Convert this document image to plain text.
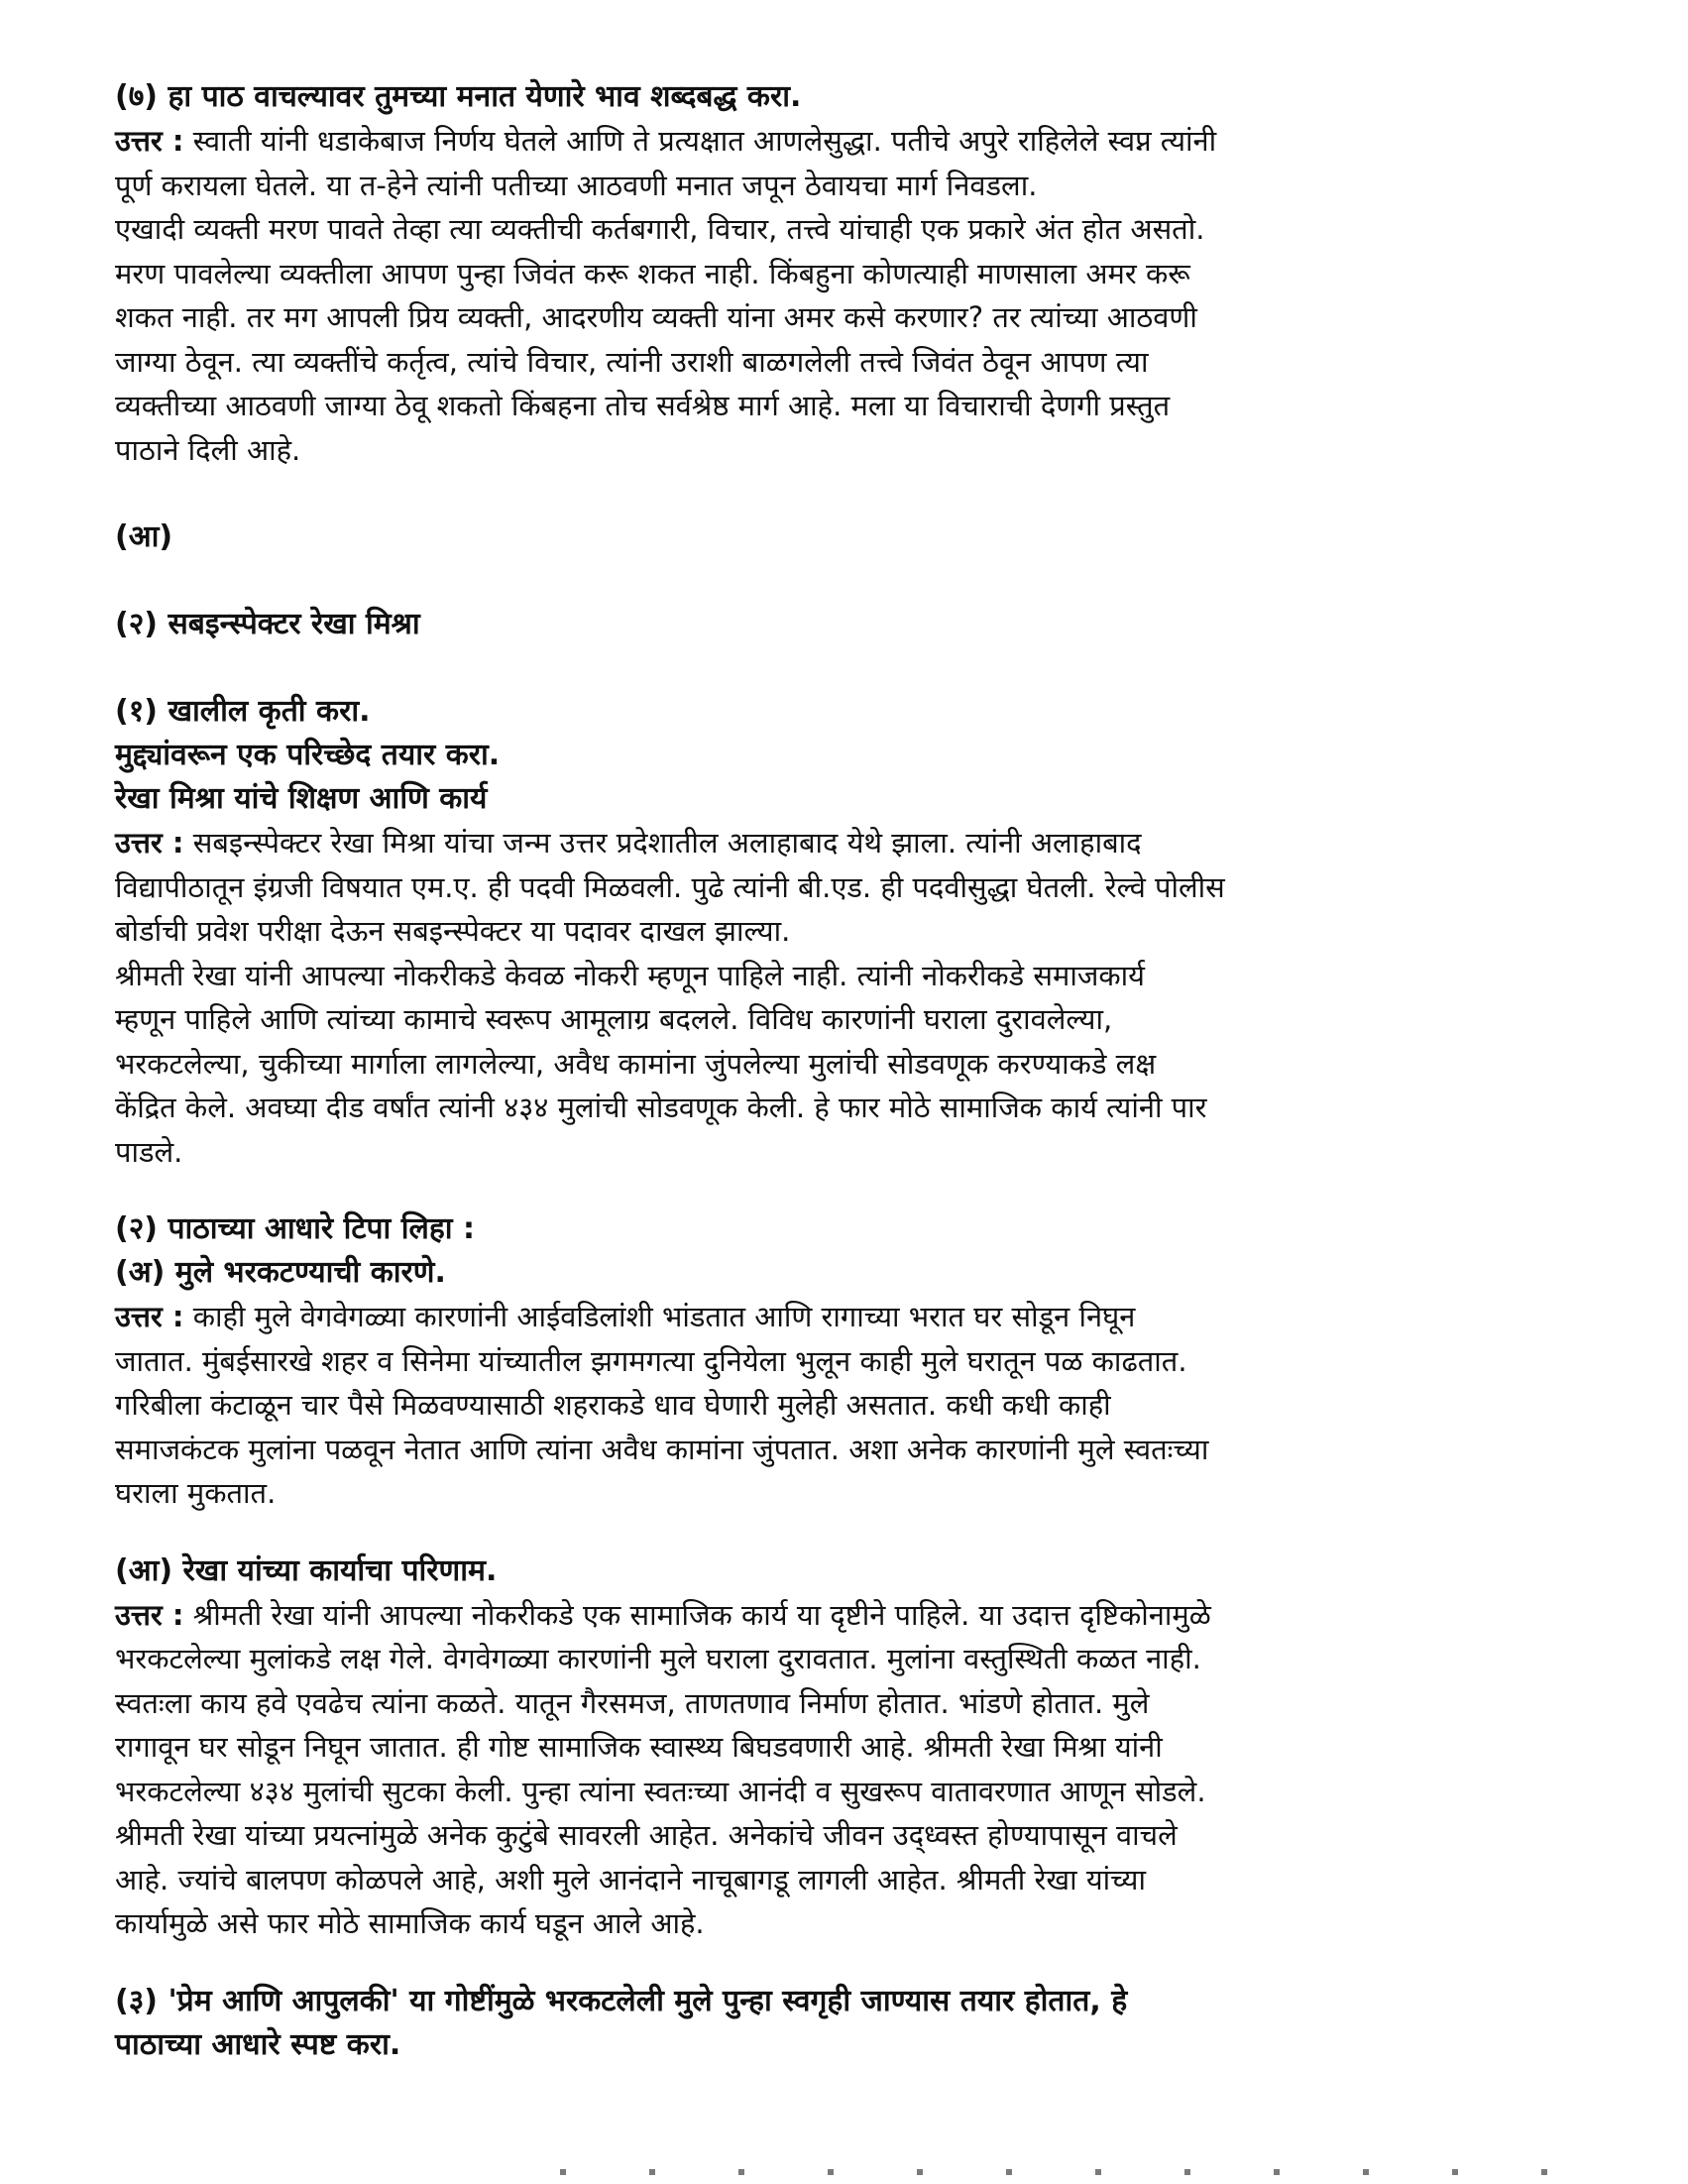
(७) हा पाठ वाचल्यावर तुमच्या मनात येणारे भाव शब्दबद्ध करा.

उत्तर : स्वाती यांनी धडाकेबाज निर्णय घेतले आणि ते प्रत्यक्षात आणलेसुद्धा. पतीचे अपुरे राहिलेले स्वप्न त्यांनी

पूर्ण करायला घेतले. या त-हेने त्यांनी पतीच्या आठवणी मनात जपून ठेवायचा मार्ग निवडला.

एखादी व्यक्ती मरण पावते तेव्हा त्या व्यक्तीची कर्तबगारी, विचार, तत्त्वे यांचाही एक प्रकारे अंत होत असतो.

मरण पावलेल्या व्यक्तीला आपण पुन्हा जिवंत करू शकत नाही. किंबहुना कोणत्याही माणसाला अमर करू

शकत नाही. तर मग आपली प्रिय व्यक्ती, आदरणीय व्यक्ती यांना अमर कसे करणार? तर त्यांच्या आठवणी

जाग्या ठेवून. त्या व्यक्तींचे कर्तृत्व, त्यांचे विचार, त्यांनी उराशी बाळगलेली तत्त्वे जिवंत ठेवून आपण त्या

व्यक्तीच्या आठवणी जाग्या ठेवू शकतो किंबहना तोच सर्वश्रेष्ठ मार्ग आहे. मला या विचाराची देणगी प्रस्तुत

पाठाने दिली आहे.

(आ)

(२) सबइन्स्पेक्टर रेखा मिश्रा

(१) खालील कृती करा.

मुद्द्यांवरून एक परिच्छेद तयार करा.

रेखा मिश्रा यांचे शिक्षण आणि कार्य

उत्तर : सबइन्स्पेक्टर रेखा मिश्रा यांचा जन्म उत्तर प्रदेशातील अलाहाबाद येथे झाला. त्यांनी अलाहाबाद

विद्यापीठातून इंग्रजी विषयात एम.ए. ही पदवी मिळवली. पुढे त्यांनी बी.एड. ही पदवीसुद्धा घेतली. रेल्वे पोलीस

बोर्डाची प्रवेश परीक्षा देऊन सबइन्स्पेक्टर या पदावर दाखल झाल्या.

श्रीमती रेखा यांनी आपल्या नोकरीकडे केवळ नोकरी म्हणून पाहिले नाही. त्यांनी नोकरीकडे समाजकार्य

म्हणून पाहिले आणि त्यांच्या कामाचे स्वरूप आमूलाग्र बदलले. विविध कारणांनी घराला दुरावलेल्या,

भरकटलेल्या, चुकीच्या मार्गाला लागलेल्या, अवैध कामांना जुंपलेल्या मुलांची सोडवणूक करण्याकडे लक्ष

केंद्रित केले. अवघ्या दीड वर्षांत त्यांनी ४३४ मुलांची सोडवणूक केली. हे फार मोठे सामाजिक कार्य त्यांनी पार

पाडले.

(२) पाठाच्या आधारे टिपा लिहा :

(अ) मुले भरकटण्याची कारणे.

उत्तर : काही मुले वेगवेगळ्या कारणांनी आईवडिलांशी भांडतात आणि रागाच्या भरात घर सोडून निघून

जातात. मुंबईसारखे शहर व सिनेमा यांच्यातील झगमगत्या दुनियेला भुलून काही मुले घरातून पळ काढतात.

गरिबीला कंटाळून चार पैसे मिळवण्यासाठी शहराकडे धाव घेणारी मुलेही असतात. कधी कधी काही

समाजकंटक मुलांना पळवून नेतात आणि त्यांना अवैध कामांना जुंपतात. अशा अनेक कारणांनी मुले स्वतःच्या

घराला मुकतात.

(आ) रेखा यांच्या कार्याचा परिणाम.

उत्तर : श्रीमती रेखा यांनी आपल्या नोकरीकडे एक सामाजिक कार्य या दृष्टीने पाहिले. या उदात्त दृष्टिकोनामुळे

भरकटलेल्या मुलांकडे लक्ष गेले. वेगवेगळ्या कारणांनी मुले घराला दुरावतात. मुलांना वस्तुस्थिती कळत नाही.

स्वतःला काय हवे एवढेच त्यांना कळते. यातून गैरसमज, ताणतणाव निर्माण होतात. भांडणे होतात. मुले

रागावून घर सोडून निघून जातात. ही गोष्ट सामाजिक स्वास्थ्य बिघडवणारी आहे. श्रीमती रेखा मिश्रा यांनी

भरकटलेल्या ४३४ मुलांची सुटका केली. पुन्हा त्यांना स्वतःच्या आनंदी व सुखरूप वातावरणात आणून सोडले.

श्रीमती रेखा यांच्या प्रयत्नांमुळे अनेक कुटुंबे सावरली आहेत. अनेकांचे जीवन उद्ध्वस्त होण्यापासून वाचले

आहे. ज्यांचे बालपण कोळपले आहे, अशी मुले आनंदाने नाचूबागडू लागली आहेत. श्रीमती रेखा यांच्या

कार्यामुळे असे फार मोठे सामाजिक कार्य घडून आले आहे.

(३) 'प्रेम आणि आपुलकी' या गोष्टींमुळे भरकटलेली मुले पुन्हा स्वगृही जाण्यास तयार होतात, हे

पाठाच्या आधारे स्पष्ट करा.
